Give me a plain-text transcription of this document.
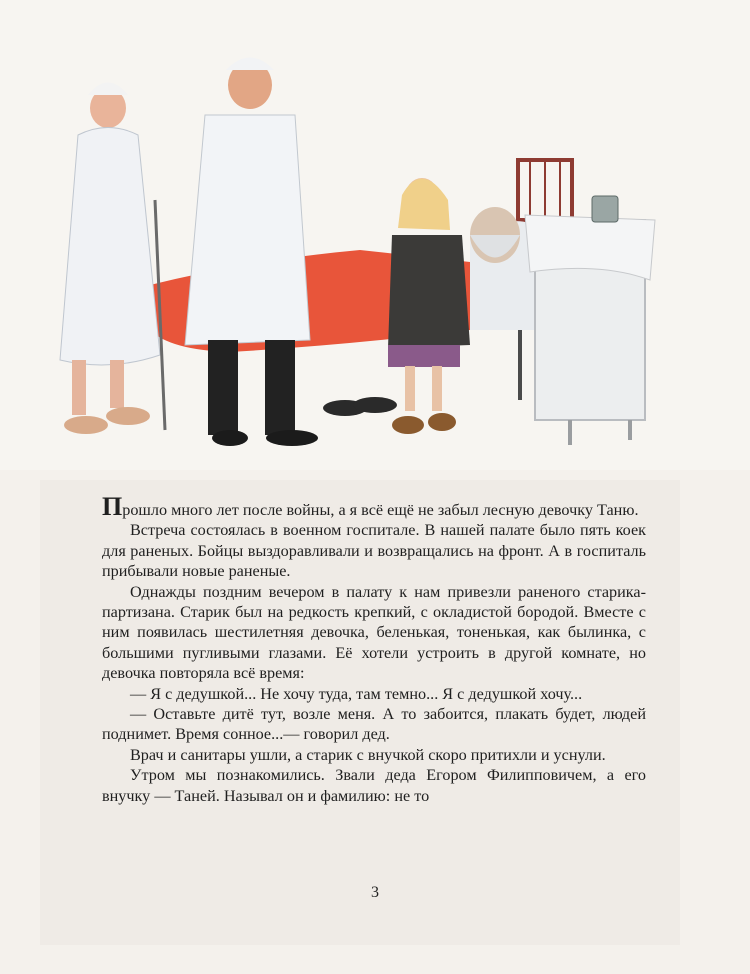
Прошло много лет после войны, а я всё ещё не забыл лесную девочку Таню.

Встреча состоялась в военном госпитале. В нашей палате было пять коек для раненых. Бойцы выздоравливали и возвращались на фронт. А в госпиталь прибывали новые раненые.

Однажды поздним вечером в палату к нам привезли раненого старика-партизана. Старик был на редкость крепкий, с окладистой бородой. Вместе с ним появилась шестилетняя девочка, беленькая, тоненькая, как былинка, с большими пугливыми глазами. Её хотели устроить в другой комнате, но девочка повторяла всё время:

— Я с дедушкой... Не хочу туда, там темно... Я с дедушкой хочу...

— Оставьте дитё тут, возле меня. А то забоится, плакать будет, людей поднимет. Время сонное...— говорил дед.

Врач и санитары ушли, а старик с внучкой скоро притихли и уснули.

Утром мы познакомились. Звали деда Егором Филипповичем, а его внучку — Таней. Называл он и фамилию: не то

3
